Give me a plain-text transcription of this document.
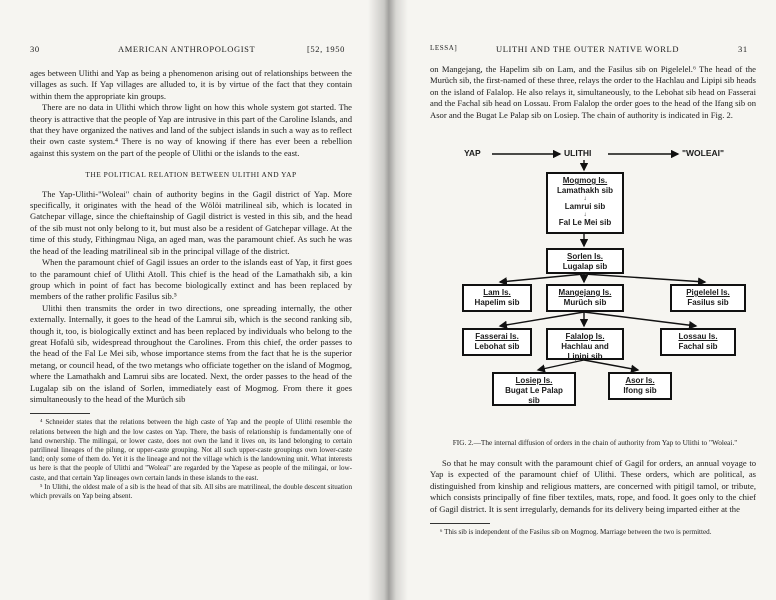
30	AMERICAN ANTHROPOLOGIST	[52, 1950

ages between Ulithi and Yap as being a phenomenon arising out of relationships between the villages as such. If Yap villages are alluded to, it is by virtue of the fact that they contain within them the appropriate kin groups.

There are no data in Ulithi which throw light on how this whole system got started. The theory is attractive that the people of Yap are intrusive in this part of the Caroline Islands, and that they have organized the natives and land of the subject islands in such a way as to reflect their own caste system.⁴ There is no way of knowing if there has ever been a rebellion against this system on the part of the people of Ulithi or the islands to the east.

THE POLITICAL RELATION BETWEEN ULITHI AND YAP

The Yap-Ulithi-"Woleai" chain of authority begins in the Gagil district of Yap. More specifically, it originates with the head of the Wölöi matrilineal sib, which is located in Gatchepar village, since the chieftainship of Gagil district is vested in this sib, and the head of the sib must not only belong to it, but must also be a resident of Gatchepar village. At the time of this study, Fithingmau Niga, an aged man, was the paramount chief. As such he was the head of the leading matrilineal sib in the principal village of the district.

When the paramount chief of Gagil issues an order to the islands east of Yap, it first goes to the paramount chief of Ulithi Atoll. This chief is the head of the Lamathakh sib, a kin group which in point of fact has become biologically extinct and has been replaced by members of the rather prolific Fasilus sib.⁵

Ulithi then transmits the order in two directions, one spreading internally, the other externally. Internally, it goes to the head of the Lamrui sib, which is the second ranking sib, though it, too, is biologically extinct and has been replaced by individuals who belong to the great Hofalü sib, widespread throughout the Carolines. From this chief, the order passes to the head of the Fal Le Mei sib, whose importance stems from the fact that he is the superior metang, or council head, of the two metangs who officiate together on the island of Mogmog, where the Lamathakh and Lamrui sibs are located. Next, the order passes to the head of the Lugalap sib on the island of Sorlen, immediately east of Mogmog. From there it goes simultaneously to the head of the Murüch sib

⁴ Schneider states that the relations between the high caste of Yap and the people of Ulithi resemble the relations between the high and the low castes on Yap. There, the basis of relationship is fundamentally one of land ownership. The milingai, or lower caste, does not own the land it lives on, its land belonging to certain patrilineal lineages of the pilung, or upper-caste grouping. Not all such upper-caste groupings own lower-caste land; only some of them do. Yet it is the lineage and not the village which is the landowning unit. What interests us here is that the people of Ulithi and "Woleai" are regarded by the Yapese as people of the milingai, or low-caste, and that certain Yap lineages own certain lands in these islands to the east.

⁵ In Ulithi, the oldest male of a sib is the head of that sib. All sibs are matrilineal, the double descent situation which prevails on Yap being absent.

LESSA]	ULITHI AND THE OUTER NATIVE WORLD	31

on Mangejang, the Hapelim sib on Lam, and the Fasilus sib on Pigelelel.⁶ The head of the Murüch sib, the first-named of these three, relays the order to the Hachlau and Lipipi sib heads on the island of Falalop. He also relays it, simultaneously, to the Lebohat sib head on Fasserai and the Fachal sib head on Lossau. From Falalop the order goes to the head of the Ifang sib on Asor and the Bugat Le Palap sib on Losiep. The chain of authority is indicated in Fig. 2.

So that he may consult with the paramount chief of Gagil for orders, an annual voyage to Yap is expected of the paramount chief of Ulithi. These orders, which are political, as distinguished from kinship and religious matters, are concerned with pitigil tamol, or tribute, which consists principally of fine fiber textiles, mats, rope, and food. It goes only to the chief of Gagil district. It is sent irregularly, demands for its delivery being imparted either at the

⁶ This sib is independent of the Fasilus sib on Mogmog. Marriage between the two is permitted.

YAP	ULITHI	"WOLEAI"
Mogmog Is.
Lamathakh sib
↓
Lamrui sib
↓
Fal Le Mei sib
Sorlen Is.
Lugalap sib
Lam Is.
Hapelim sib
Mangejang Is.
Murüch sib
Pigelelel Is.
Fasilus sib
Fasserai Is.
Lebohat sib
Falalop Is.
Hachlau and
Lipipi sib
Lossau Is.
Fachal sib
Losiep Is.
Bugat Le Palap
sib
Asor Is.
Ifong sib
FIG. 2.—The internal diffusion of orders in the chain of authority from Yap to Ulithi to "Woleai."
